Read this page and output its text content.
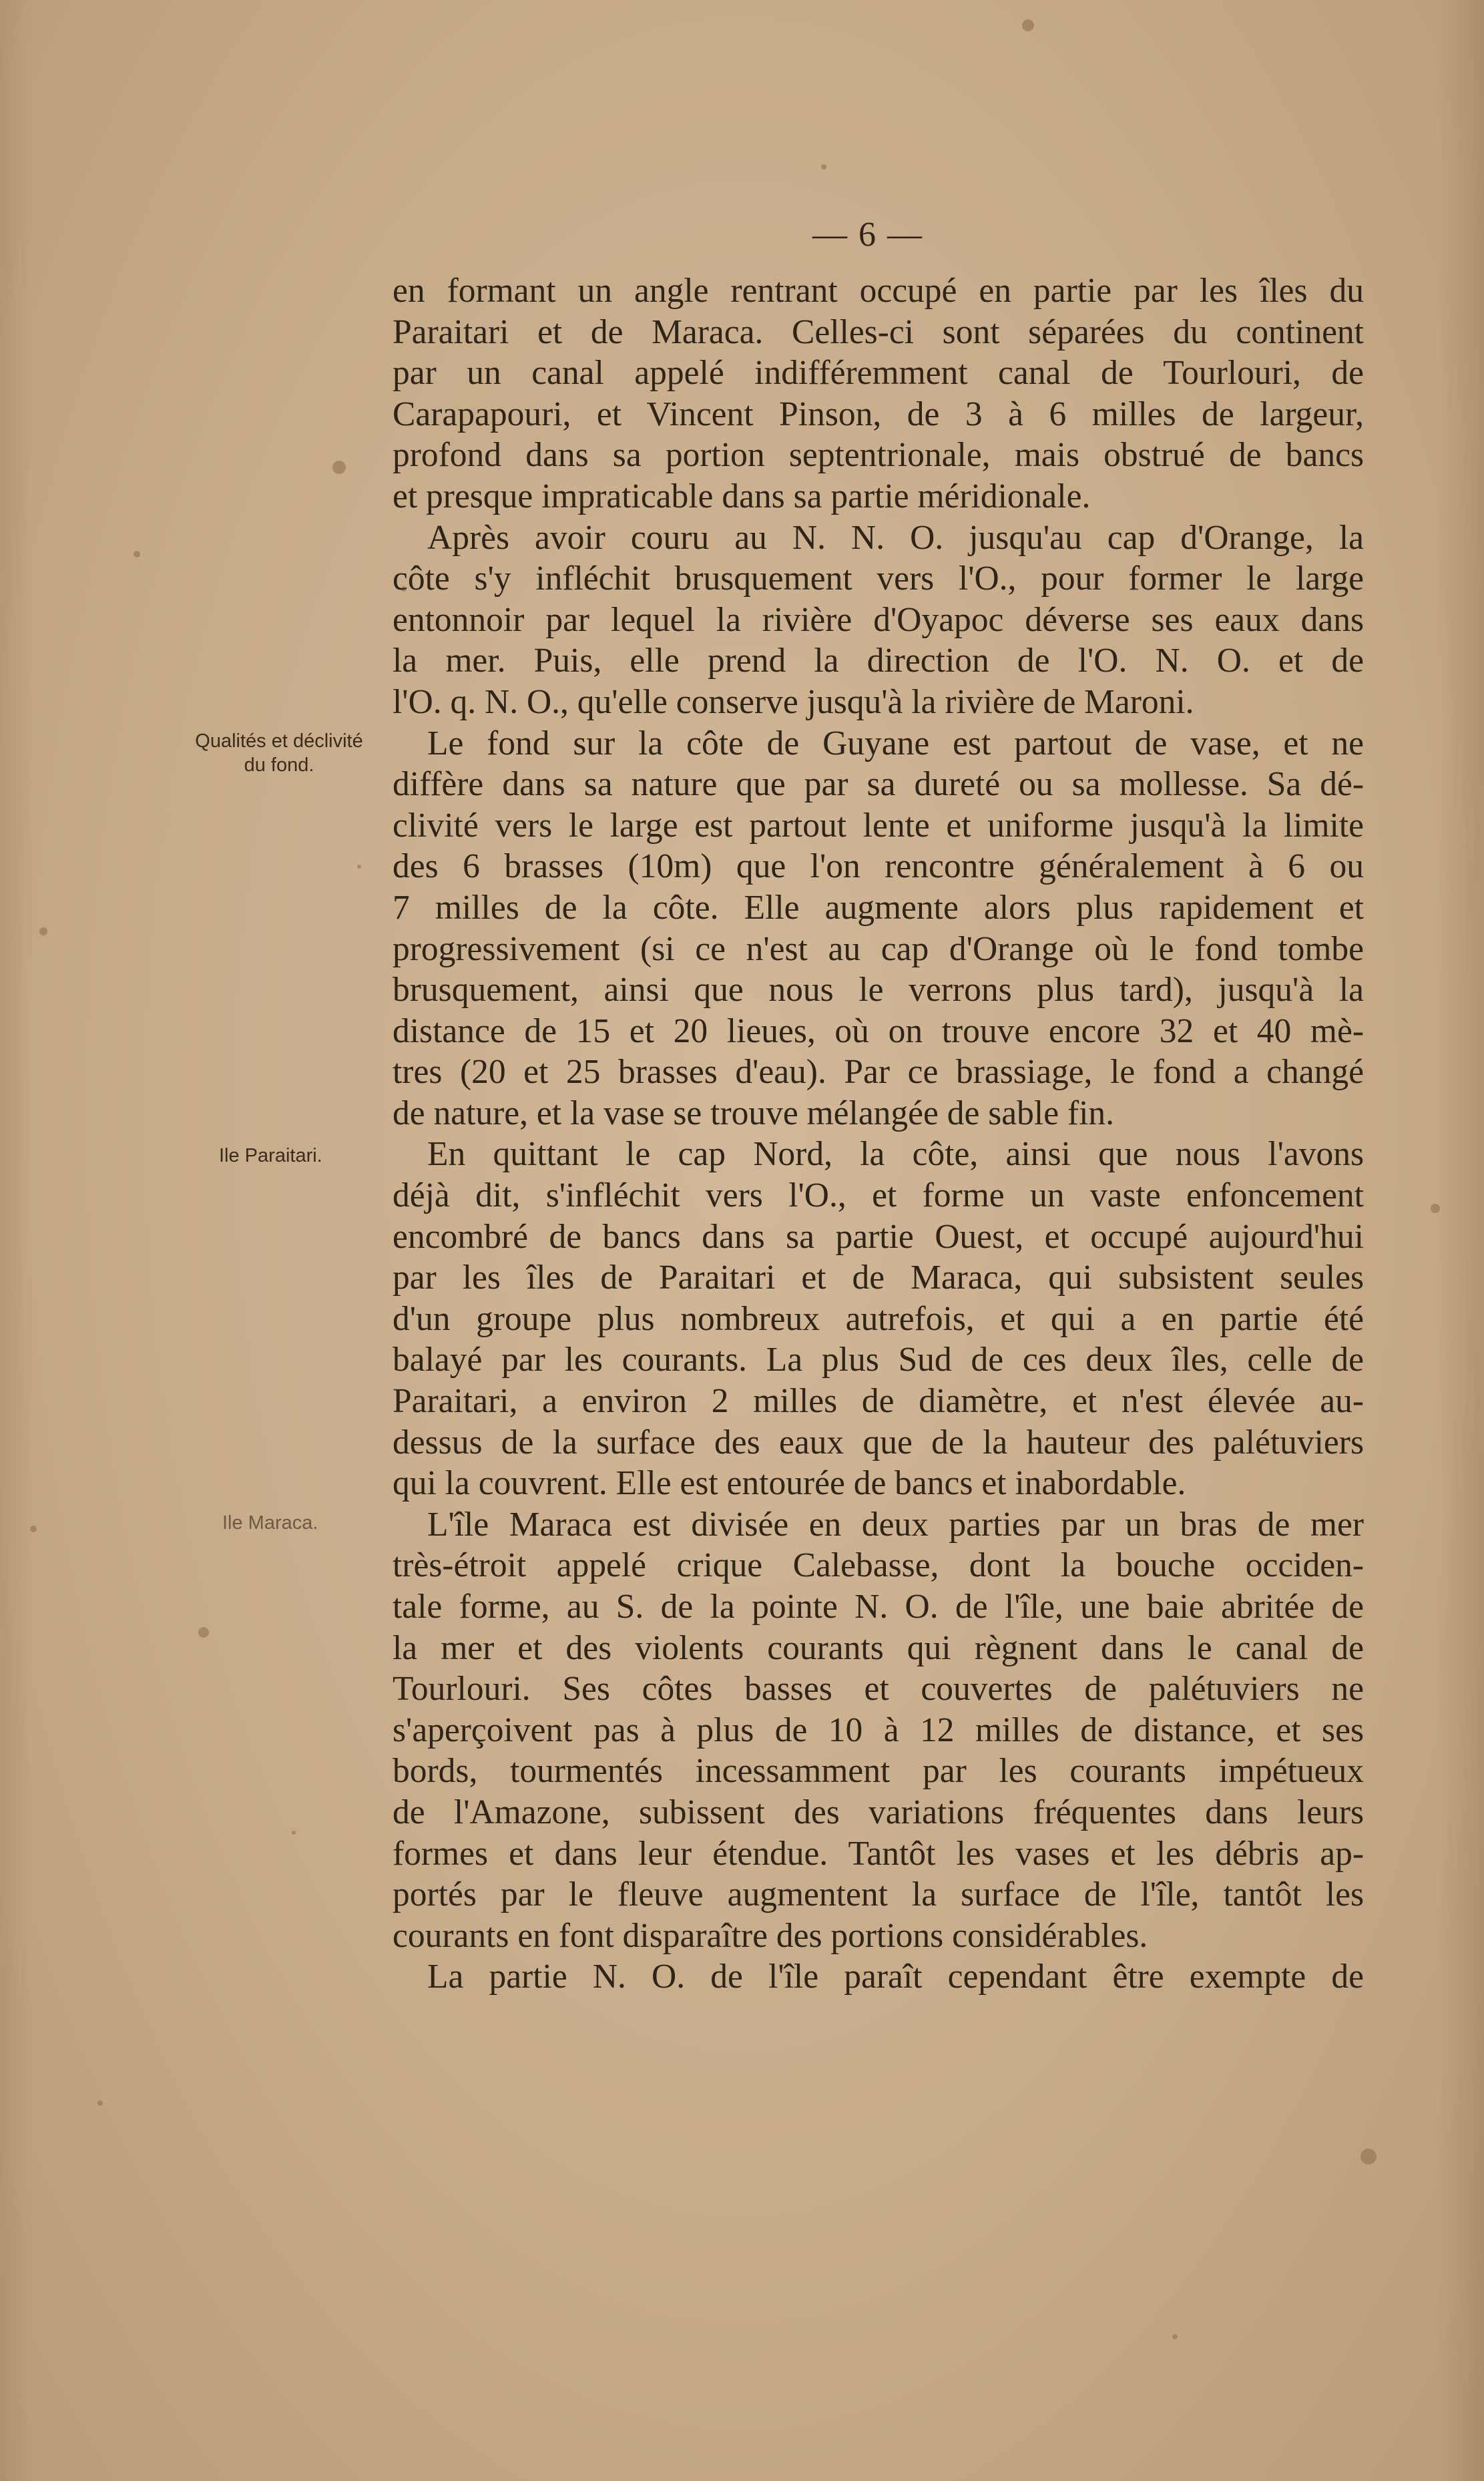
— 6 —
Qualités et déclivité
du fond.
Ile Paraitari.
Ile Maraca.
en formant un angle rentrant occupé en partie par les îles du
Paraitari et de Maraca. Celles-ci sont séparées du continent
par un canal appelé indifféremment canal de Tourlouri, de
Carapapouri, et Vincent Pinson, de 3 à 6 milles de largeur,
profond dans sa portion septentrionale, mais obstrué de bancs
et presque impraticable dans sa partie méridionale.
Après avoir couru au N. N. O. jusqu'au cap d'Orange, la
côte s'y infléchit brusquement vers l'O., pour former le large
entonnoir par lequel la rivière d'Oyapoc déverse ses eaux dans
la mer. Puis, elle prend la direction de l'O. N. O. et de
l'O. q. N. O., qu'elle conserve jusqu'à la rivière de Maroni.
Le fond sur la côte de Guyane est partout de vase, et ne
diffère dans sa nature que par sa dureté ou sa mollesse. Sa dé-
clivité vers le large est partout lente et uniforme jusqu'à la limite
des 6 brasses (10m) que l'on rencontre généralement à 6 ou
7 milles de la côte. Elle augmente alors plus rapidement et
progressivement (si ce n'est au cap d'Orange où le fond tombe
brusquement, ainsi que nous le verrons plus tard), jusqu'à la
distance de 15 et 20 lieues, où on trouve encore 32 et 40 mè-
tres (20 et 25 brasses d'eau). Par ce brassiage, le fond a changé
de nature, et la vase se trouve mélangée de sable fin.
En quittant le cap Nord, la côte, ainsi que nous l'avons
déjà dit, s'infléchit vers l'O., et forme un vaste enfoncement
encombré de bancs dans sa partie Ouest, et occupé aujourd'hui
par les îles de Paraitari et de Maraca, qui subsistent seules
d'un groupe plus nombreux autrefois, et qui a en partie été
balayé par les courants. La plus Sud de ces deux îles, celle de
Paraitari, a environ 2 milles de diamètre, et n'est élevée au-
dessus de la surface des eaux que de la hauteur des palétuviers
qui la couvrent. Elle est entourée de bancs et inabordable.
L'île Maraca est divisée en deux parties par un bras de mer
très-étroit appelé crique Calebasse, dont la bouche occiden-
tale forme, au S. de la pointe N. O. de l'île, une baie abritée de
la mer et des violents courants qui règnent dans le canal de
Tourlouri. Ses côtes basses et couvertes de palétuviers ne
s'aperçoivent pas à plus de 10 à 12 milles de distance, et ses
bords, tourmentés incessamment par les courants impétueux
de l'Amazone, subissent des variations fréquentes dans leurs
formes et dans leur étendue. Tantôt les vases et les débris ap-
portés par le fleuve augmentent la surface de l'île, tantôt les
courants en font disparaître des portions considérables.
La partie N. O. de l'île paraît cependant être exempte de
